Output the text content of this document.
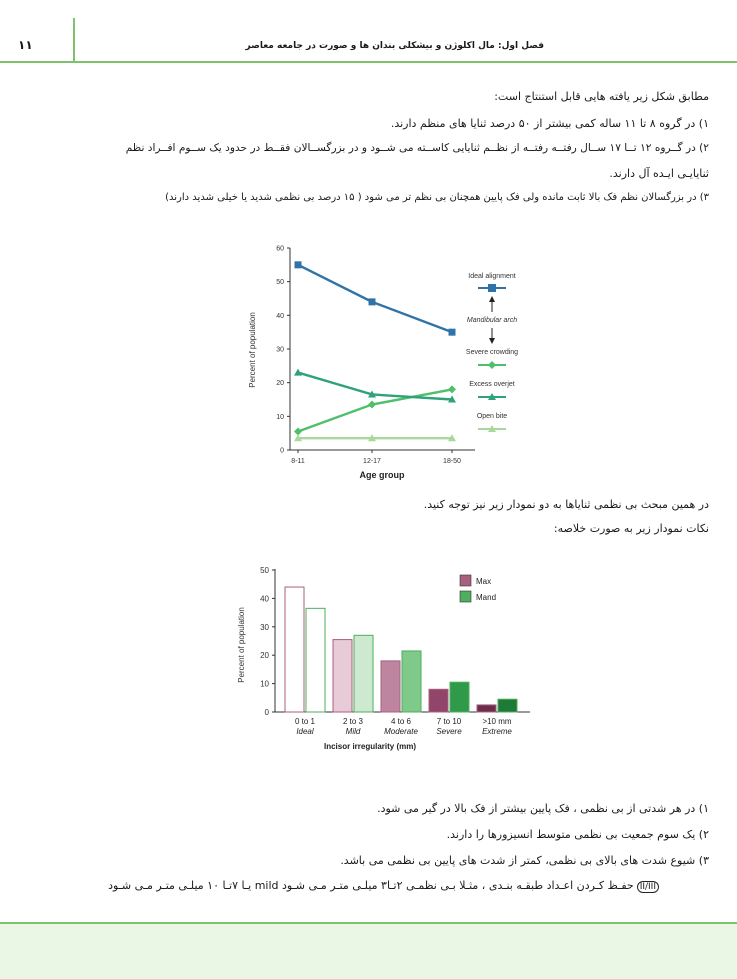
١١	فصل اول: مال اکلوژن و بیشکلی بندان ها و صورت در جامعه معاصر
مطابق شکل زیر یافته هایی قابل استنتاج است:
۱) در گروه ۸ تا ۱۱ ساله کمی بیشتر از ۵۰ درصد ثنایا های منظم دارند.
۲) در گــروه ۱۲ تــا ۱۷ ســال رفتــه رفتــه از نظــم ثنایایی کاســته می شــود و در بزرگســالان فقــط در حدود یک ســوم افــراد نظم
ثنایایـی ایـده آل دارند.
۳) در بزرگسالان نظم فک بالا ثابت مانده ولی فک پایین همچنان بی نظم تر می شود ( ۱۵ درصد بی نظمی شدید یا خیلی شدید دارند)
0
10
20
30
40
50
60
8-11	12-17	18-50
Percent of population
Age group
Ideal alignment
Mandibular arch
Severe crowding
Excess overjet
Open bite
در همین مبحث بی نظمی ثنایاها به دو نمودار زیر نیز توجه کنید.
نکات نمودار زیر به صورت خلاصه:
0
10
20
30
40
50
0 to 1
Ideal
2 to 3
Mild
4 to 6
Moderate
7 to 10
Severe
>10 mm
Extreme
Percent of population
Incisor irregularity (mm)
Max
Mand
۱) در هر شدتی از بی نظمی ، فک پایین بیشتر از فک بالا در گیر می شود.
۲) یک سوم جمعیت بی نظمی متوسط انسیزورها را دارند.
۳) شیوع شدت های بالای بی نظمی، کمتر از شدت های پایین بی نظمی می باشد.
II/IIIحفـظ کـردن اعـداد طبقـه بنـدی ، مثـلا بـی نظمـی ۲تـا۳ میلـی متـر مـی شـود mild یـا ۷تـا ۱۰ میلـی متـر مـی شـود
